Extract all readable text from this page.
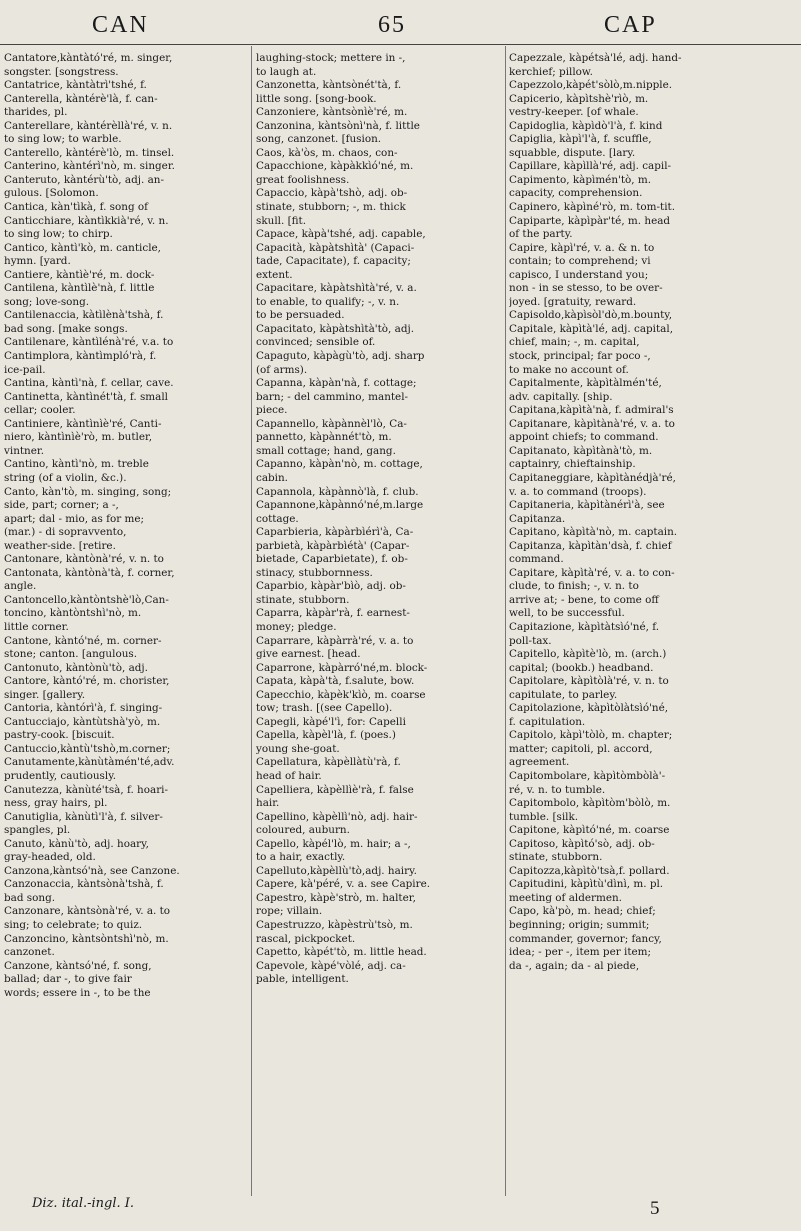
CAN	65	CAP
Cantatore,kàntàtó'ré, m. singer,
songster. [songstress.
Cantatrice, kàntàtrì'tshé, f.
Canterella, kàntérè'là, f. can-
tharides, pl.
Canterellare, kàntérèllà'ré, v. n.
to sing low; to warble.
Canterello, kàntérè'lò, m. tinsel.
Canterino, kàntérì'nò, m. singer.
Canteruto, kàntérù'tò, adj. an-
gulous. [Solomon.
Cantica, kàn'tìkà, f. song of
Canticchiare, kàntìkkià'ré, v. n.
to sing low; to chirp.
Cantico, kàntì'kò, m. canticle,
hymn. [yard.
Cantiere, kàntìè'ré, m. dock-
Cantilena, kàntìlè'nà, f. little
song; love-song.
Cantilenaccia, kàtìlènà'tshà, f.
bad song. [make songs.
Cantilenare, kàntìlénà'ré, v.a. to
Cantimplora, kàntìmpló'rà, f.
ice-pail.
Cantina, kàntì'nà, f. cellar, cave.
Cantinetta, kàntìnét'tà, f. small
cellar; cooler.
Cantiniere, kàntìnìè'ré, Canti-
niero, kàntìnìè'rò, m. butler,
vintner.
Cantino, kàntì'nò, m. treble
string (of a violin, &c.).
Canto, kàn'tò, m. singing, song;
side, part; corner; a -,
apart; dal - mio, as for me;
(mar.) - di sopravvento,
weather-side. [retire.
Cantonare, kàntònà'ré, v. n. to
Cantonata, kàntònà'tà, f. corner,
angle.
Cantoncello,kàntòntshè'lò,Can-
toncino, kàntòntshì'nò, m.
little corner.
Cantone, kàntó'né, m. corner-
stone; canton. [angulous.
Cantonuto, kàntònù'tò, adj.
Cantore, kàntó'ré, m. chorister,
singer. [gallery.
Cantoria, kàntórì'à, f. singing-
Cantucciajo, kàntùtshà'yò, m.
pastry-cook. [biscuit.
Cantuccio,kàntù'tshò,m.corner;
Canutamente,kànùtàmén'té,adv.
prudently, cautiously.
Canutezza, kànùté'tsà, f. hoari-
ness, gray hairs, pl.
Canutiglia, kànùtì'l'à, f. silver-
spangles, pl.
Canuto, kànù'tò, adj. hoary,
gray-headed, old.
Canzona,kàntsó'nà, see Canzone.
Canzonaccia, kàntsònà'tshà, f.
bad song.
Canzonare, kàntsònà'ré, v. a. to
sing; to celebrate; to quiz.
Canzoncino, kàntsòntshì'nò, m.
canzonet.
Canzone, kàntsó'né, f. song,
ballad; dar -, to give fair
words; essere in -, to be the
laughing-stock; mettere in -,
to laugh at.
Canzonetta, kàntsònét'tà, f.
little song. [song-book.
Canzoniere, kàntsònìè'ré, m.
Canzonina, kàntsònì'nà, f. little
song, canzonet. [fusion.
Caos, kà'òs, m. chaos, con-
Capacchione, kàpàkkìó'né, m.
great foolishness.
Capaccio, kàpà'tshò, adj. ob-
stinate, stubborn; -, m. thick
skull. [fit.
Capace, kàpà'tshé, adj. capable,
Capacità, kàpàtshìtà' (Capaci-
tade, Capacitate), f. capacity;
extent.
Capacitare, kàpàtshìtà'ré, v. a.
to enable, to qualify; -, v. n.
to be persuaded.
Capacitato, kàpàtshìtà'tò, adj.
convinced; sensible of.
Capaguto, kàpàgù'tò, adj. sharp
(of arms).
Capanna, kàpàn'nà, f. cottage;
barn; - del cammino, mantel-
piece.
Capannello, kàpànnèl'lò, Ca-
pannetto, kàpànnét'tò, m.
small cottage; hand, gang.
Capanno, kàpàn'nò, m. cottage,
cabin.
Capannola, kàpànnò'là, f. club.
Capannone,kàpànnó'né,m.large
cottage.
Caparbieria, kàpàrbìérì'à, Ca-
parbietà, kàpàrbìétà' (Capar-
bietade, Caparbietate), f. ob-
stinacy, stubbornness.
Caparbio, kàpàr'bìò, adj. ob-
stinate, stubborn.
Caparra, kàpàr'rà, f. earnest-
money; pledge.
Caparrare, kàpàrrà'ré, v. a. to
give earnest. [head.
Caparrone, kàpàrró'né,m. block-
Capata, kàpà'tà, f.salute, bow.
Capecchio, kàpèk'kìò, m. coarse
tow; trash. [(see Capello).
Capegli, kàpé'l'ì, for: Capelli
Capella, kàpèl'là, f. (poes.)
young she-goat.
Capellatura, kàpèllàtù'rà, f.
head of hair.
Capelliera, kàpèllìè'rà, f. false
hair.
Capellino, kàpèllì'nò, adj. hair-
coloured, auburn.
Capello, kàpél'lò, m. hair; a -,
to a hair, exactly.
Capelluto,kàpèllù'tò,adj. hairy.
Capere, kà'péré, v. a. see Capire.
Capestro, kàpè'strò, m. halter,
rope; villain.
Capestruzzo, kàpèstrù'tsò, m.
rascal, pickpocket.
Capetto, kàpét'tò, m. little head.
Capevole, kàpé'vòlé, adj. ca-
pable, intelligent.
Capezzale, kàpétsà'lé, adj. hand-
kerchief; pillow.
Capezzolo,kàpét'sòlò,m.nipple.
Capicerio, kàpìtshè'rìò, m.
vestry-keeper. [of whale.
Capidoglia, kàpìdò'l'à, f. kind
Capiglia, kàpì'l'à, f. scuffle,
squabble, dispute. [lary.
Capillare, kàpìllà'ré, adj. capil-
Capimento, kàpìmén'tò, m.
capacity, comprehension.
Capinero, kàpìné'rò, m. tom-tit.
Capiparte, kàpìpàr'té, m. head
of the party.
Capire, kàpì'ré, v. a. & n. to
contain; to comprehend; vi
capisco, I understand you;
non - in se stesso, to be over-
joyed. [gratuity, reward.
Capisoldo,kàpìsòl'dò,m.bounty,
Capitale, kàpìtà'lé, adj. capital,
chief, main; -, m. capital,
stock, principal; far poco -,
to make no account of.
Capitalmente, kàpìtàlmén'té,
adv. capitally. [ship.
Capitana,kàpìtà'nà, f. admiral's
Capitanare, kàpìtànà'ré, v. a. to
appoint chiefs; to command.
Capitanato, kàpìtànà'tò, m.
captainry, chieftainship.
Capitaneggiare, kàpìtànédjà'ré,
v. a. to command (troops).
Capitaneria, kàpìtànérì'à, see
Capitanza.
Capitano, kàpìtà'nò, m. captain.
Capitanza, kàpìtàn'dsà, f. chief
command.
Capitare, kàpìtà'ré, v. a. to con-
clude, to finish; -, v. n. to
arrive at; - bene, to come off
well, to be successful.
Capitazione, kàpìtàtsìó'né, f.
poll-tax.
Capitello, kàpìtè'lò, m. (arch.)
capital; (bookb.) headband.
Capitolare, kàpìtòlà'ré, v. n. to
capitulate, to parley.
Capitolazione, kàpìtòlàtsìó'né,
f. capitulation.
Capitolo, kàpì'tòlò, m. chapter;
matter; capitoli, pl. accord,
agreement.
Capitombolare, kàpìtòmbòlà'-
ré, v. n. to tumble.
Capitombolo, kàpìtòm'bòlò, m.
tumble. [silk.
Capitone, kàpìtó'né, m. coarse
Capitoso, kàpìtó'sò, adj. ob-
stinate, stubborn.
Capitozza,kàpìtò'tsà,f. pollard.
Capitudini, kàpìtù'dìnì, m. pl.
meeting of aldermen.
Capo, kà'pò, m. head; chief;
beginning; origin; summit;
commander, governor; fancy,
idea; - per -, item per item;
da -, again; da - al piede,
Diz. ital.-ingl. I.	5
